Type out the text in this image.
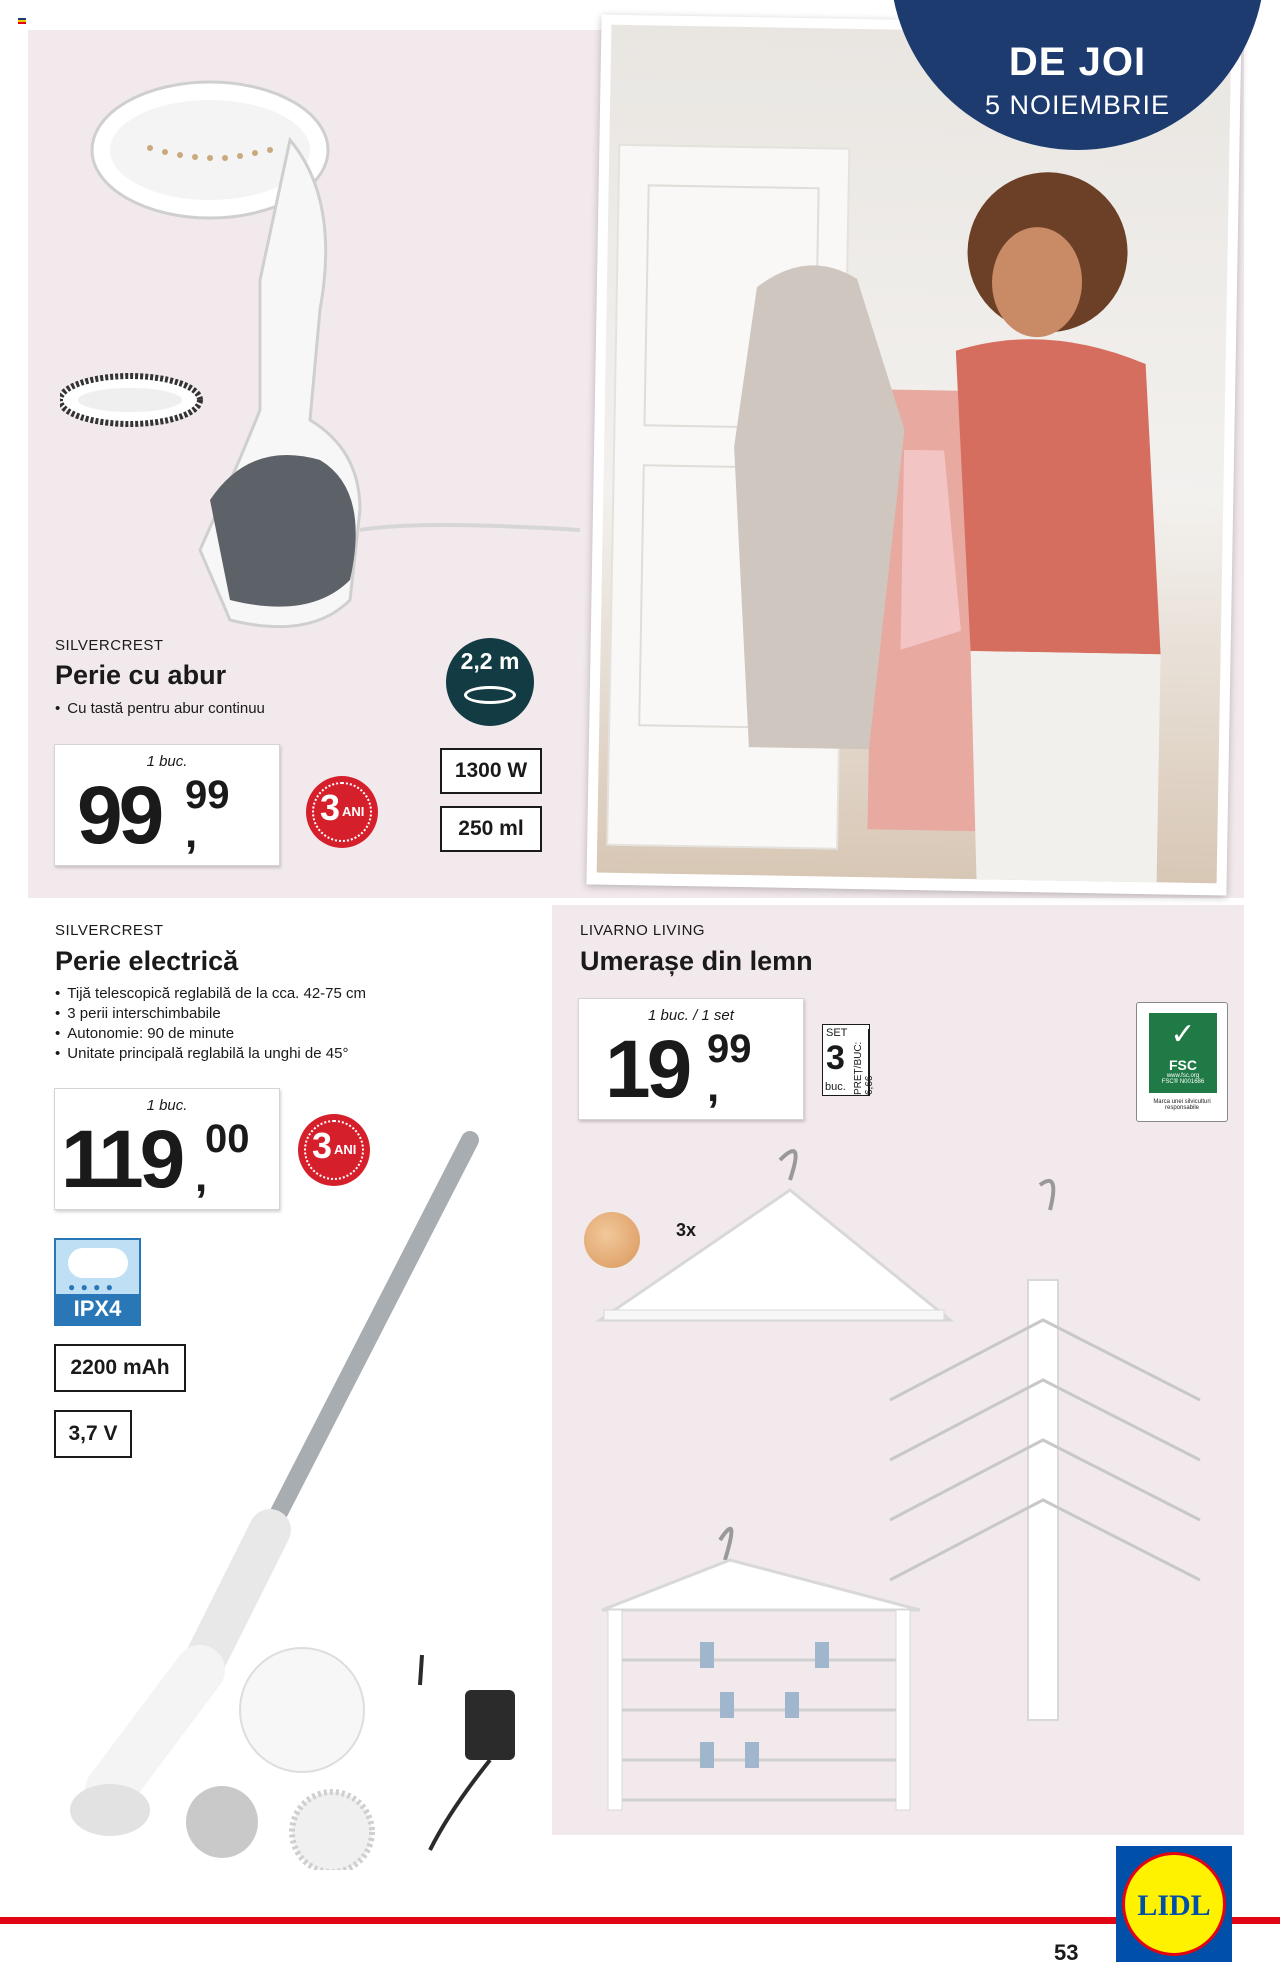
DE JOI
5 NOIEMBRIE
SILVERCREST
Perie cu abur
• Cu tastă pentru abur continuu
2,2 m
1 buc.
99 ,
99	3 ANI
1300 W
250 ml
SILVERCREST
Perie electrică
• Tijă telescopică reglabilă de la cca. 42-75 cm
• 3 perii interschimbabile
• Autonomie: 90 de minute
• Unitate principală reglabilă la unghi de 45°
1 buc.
119 ,
00 3 ANI
● ● ● ●
IPX4
2200 mAh
3,7 V
LIVARNO LIVING
Umerașe din lemn
1 buc. / 1 set
19 ,
99	SET
3
buc. PREȚ/BUC: 6,66
✓
FSC
www.fsc.org
FSC® N001686
Marca unei silviculturi responsabile
3x
53
LIDL
